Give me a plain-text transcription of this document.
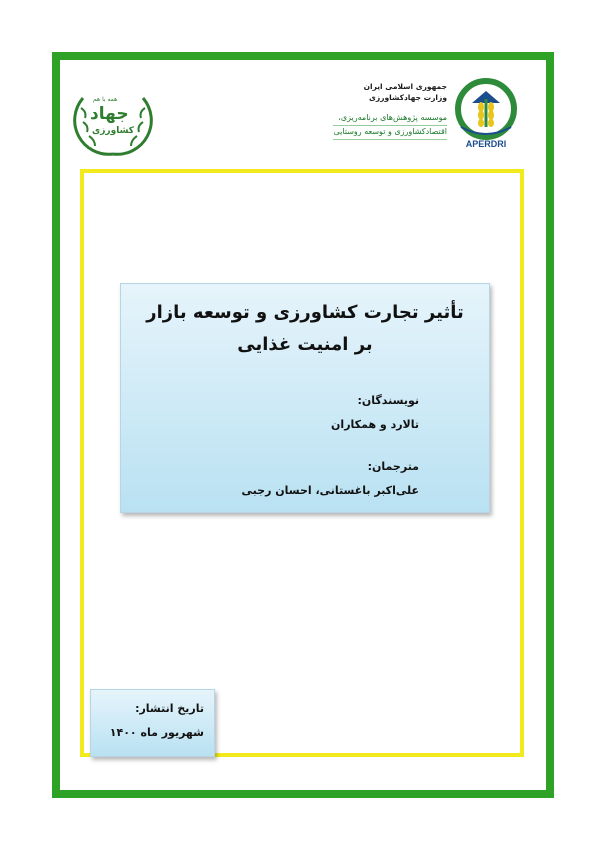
جمهوری اسلامی ایران
وزارت جهادکشاورزی
موسسه پژوهش‌های برنامه‌ریزی،
اقتصادکشاورزی و توسعه روستایی
APERDRI
همه با هم
جهاد
کشاورزی
تأثیر تجارت کشاورزی و توسعه بازار
بر امنیت غذایی
نویسندگان:
تالارد و همکاران
مترجمان:
علی‌اکبر باغستانی، احسان رجبی
تاریخ انتشار:
شهریور ماه ۱۴۰۰
